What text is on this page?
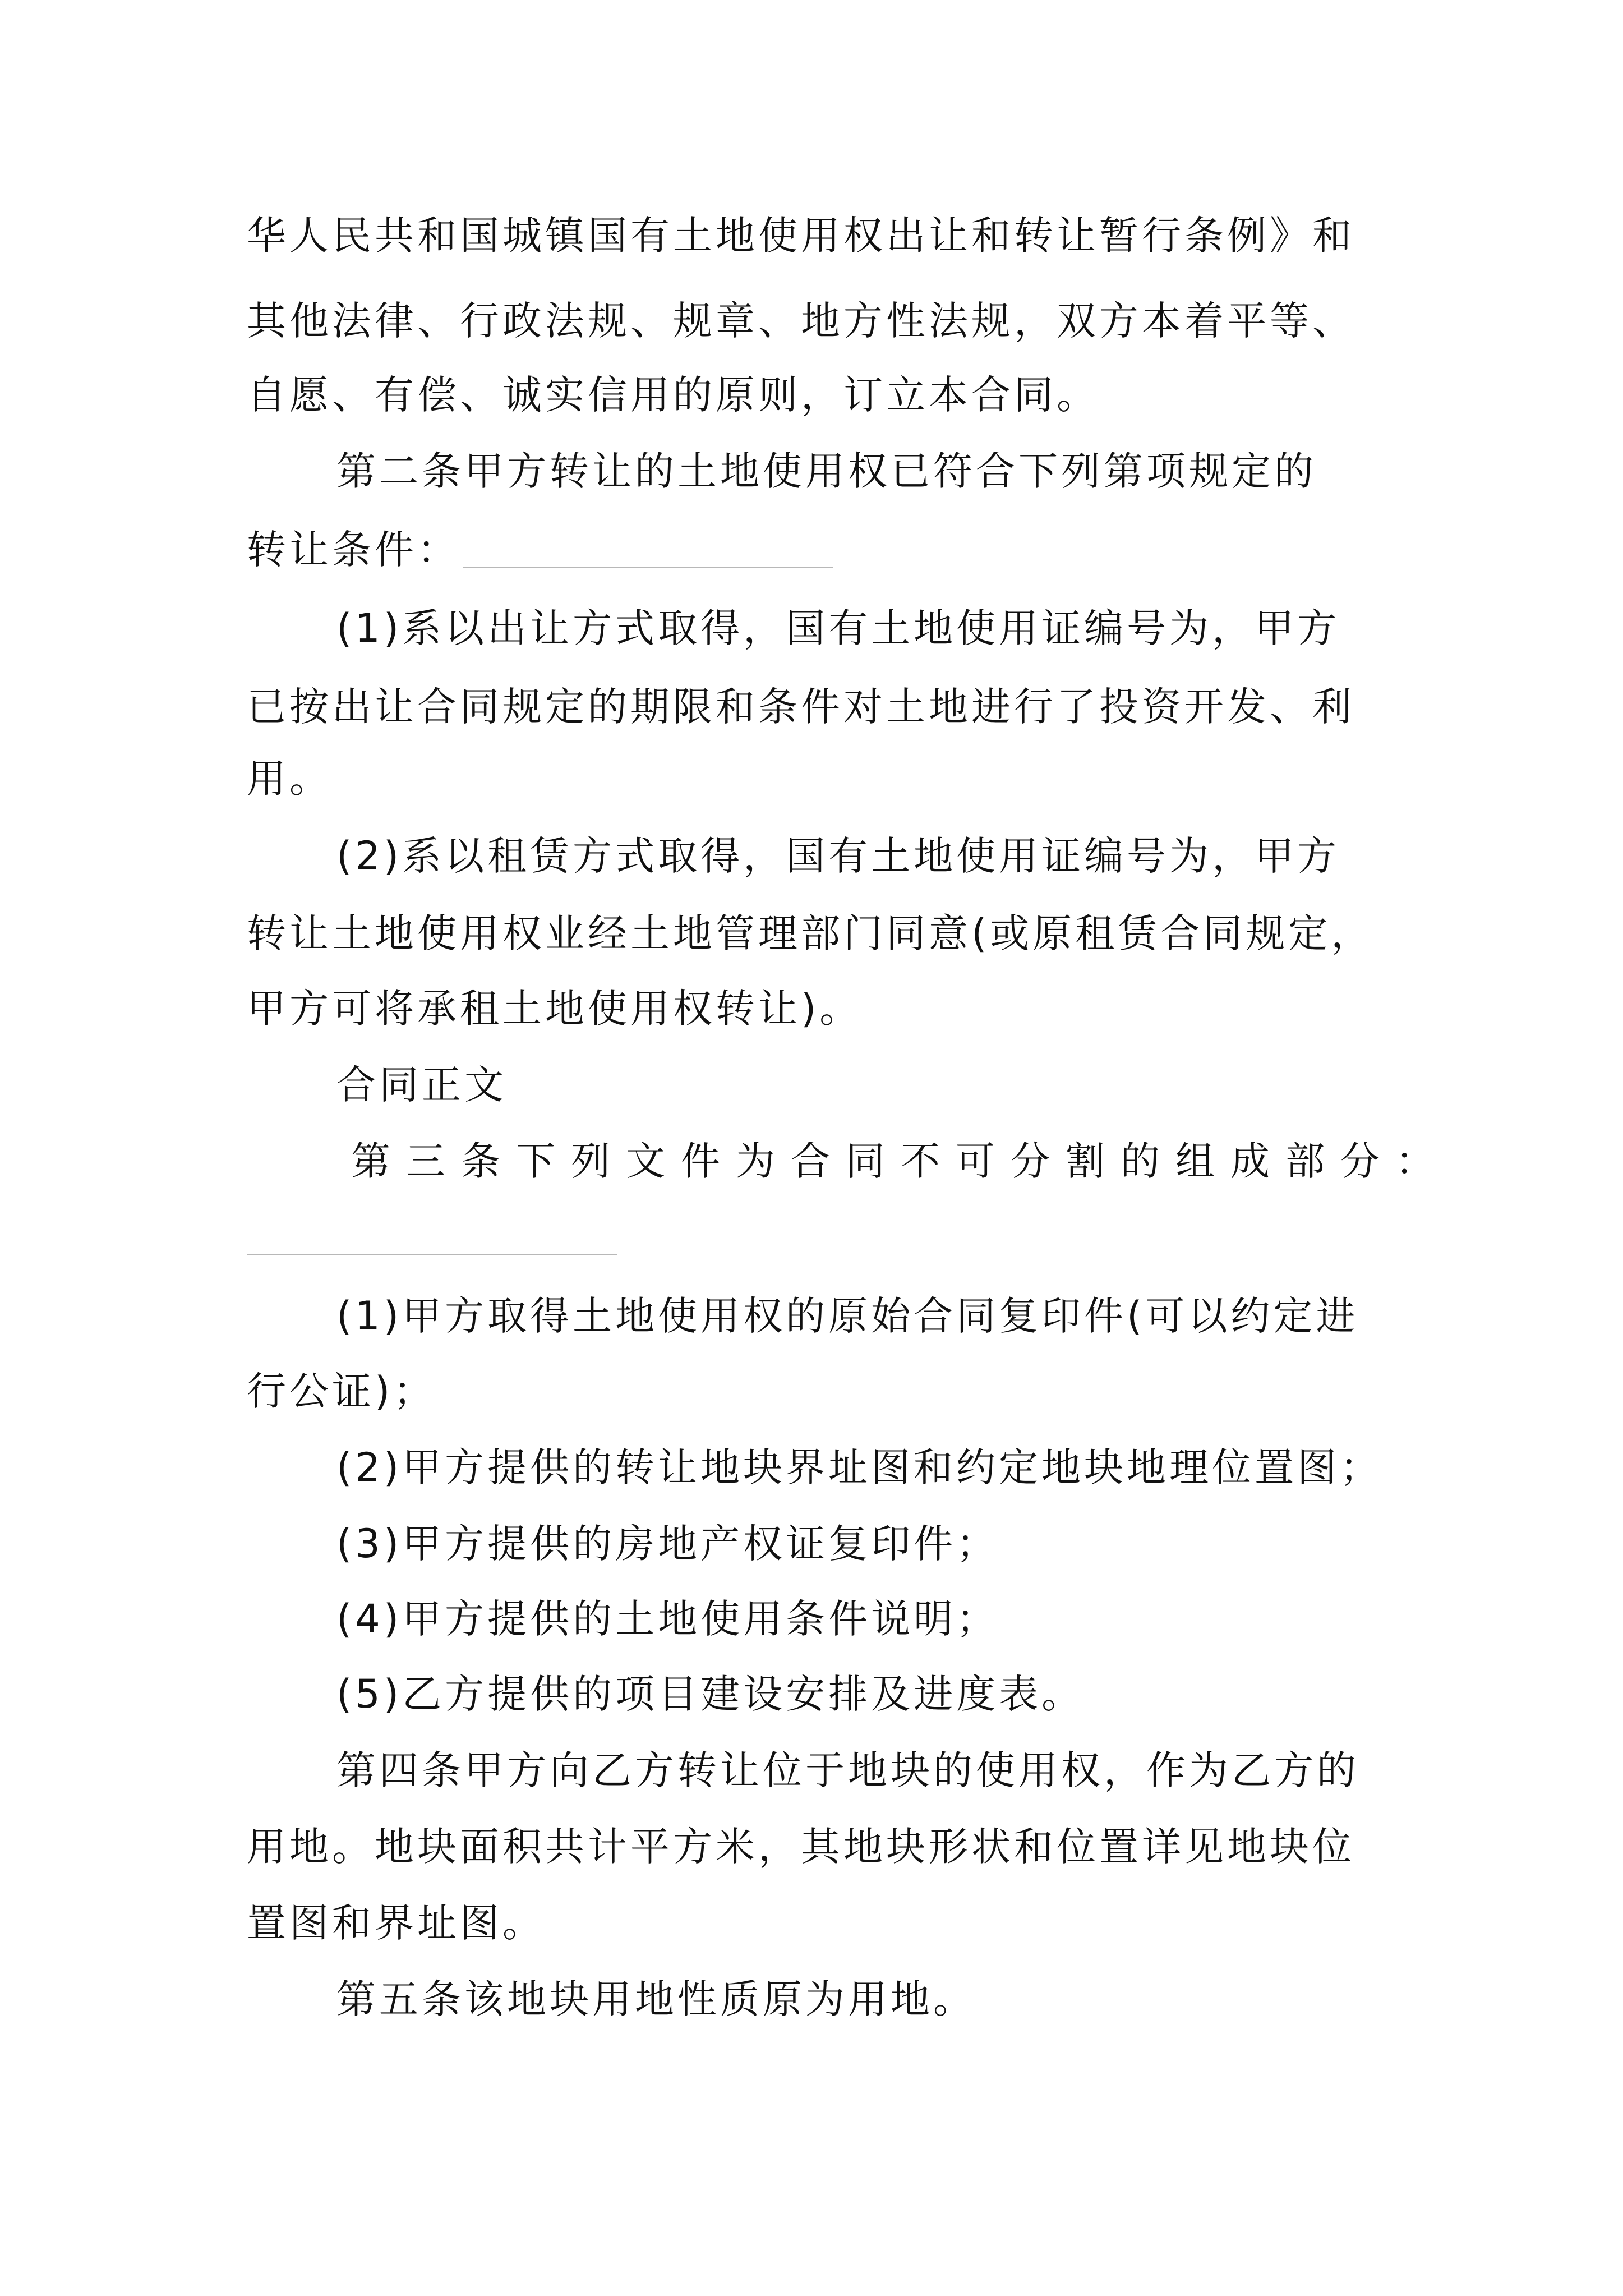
华人民共和国城镇国有土地使用权出让和转让暂行条例》和
其他法律、行政法规、规章、地方性法规，双方本着平等、
自愿、有偿、诚实信用的原则，订立本合同。
第二条甲方转让的土地使用权已符合下列第项规定的
转让条件：
(1)系以出让方式取得，国有土地使用证编号为，甲方
已按出让合同规定的期限和条件对土地进行了投资开发、利
用。
(2)系以租赁方式取得，国有土地使用证编号为，甲方
转让土地使用权业经土地管理部门同意(或原租赁合同规定，
甲方可将承租土地使用权转让)。
合同正文
第三条下列文件为合同不可分割的组成部分：
(1)甲方取得土地使用权的原始合同复印件(可以约定进
行公证)；
(2)甲方提供的转让地块界址图和约定地块地理位置图；
(3)甲方提供的房地产权证复印件；
(4)甲方提供的土地使用条件说明；
(5)乙方提供的项目建设安排及进度表。
第四条甲方向乙方转让位于地块的使用权，作为乙方的
用地。地块面积共计平方米，其地块形状和位置详见地块位
置图和界址图。
第五条该地块用地性质原为用地。
